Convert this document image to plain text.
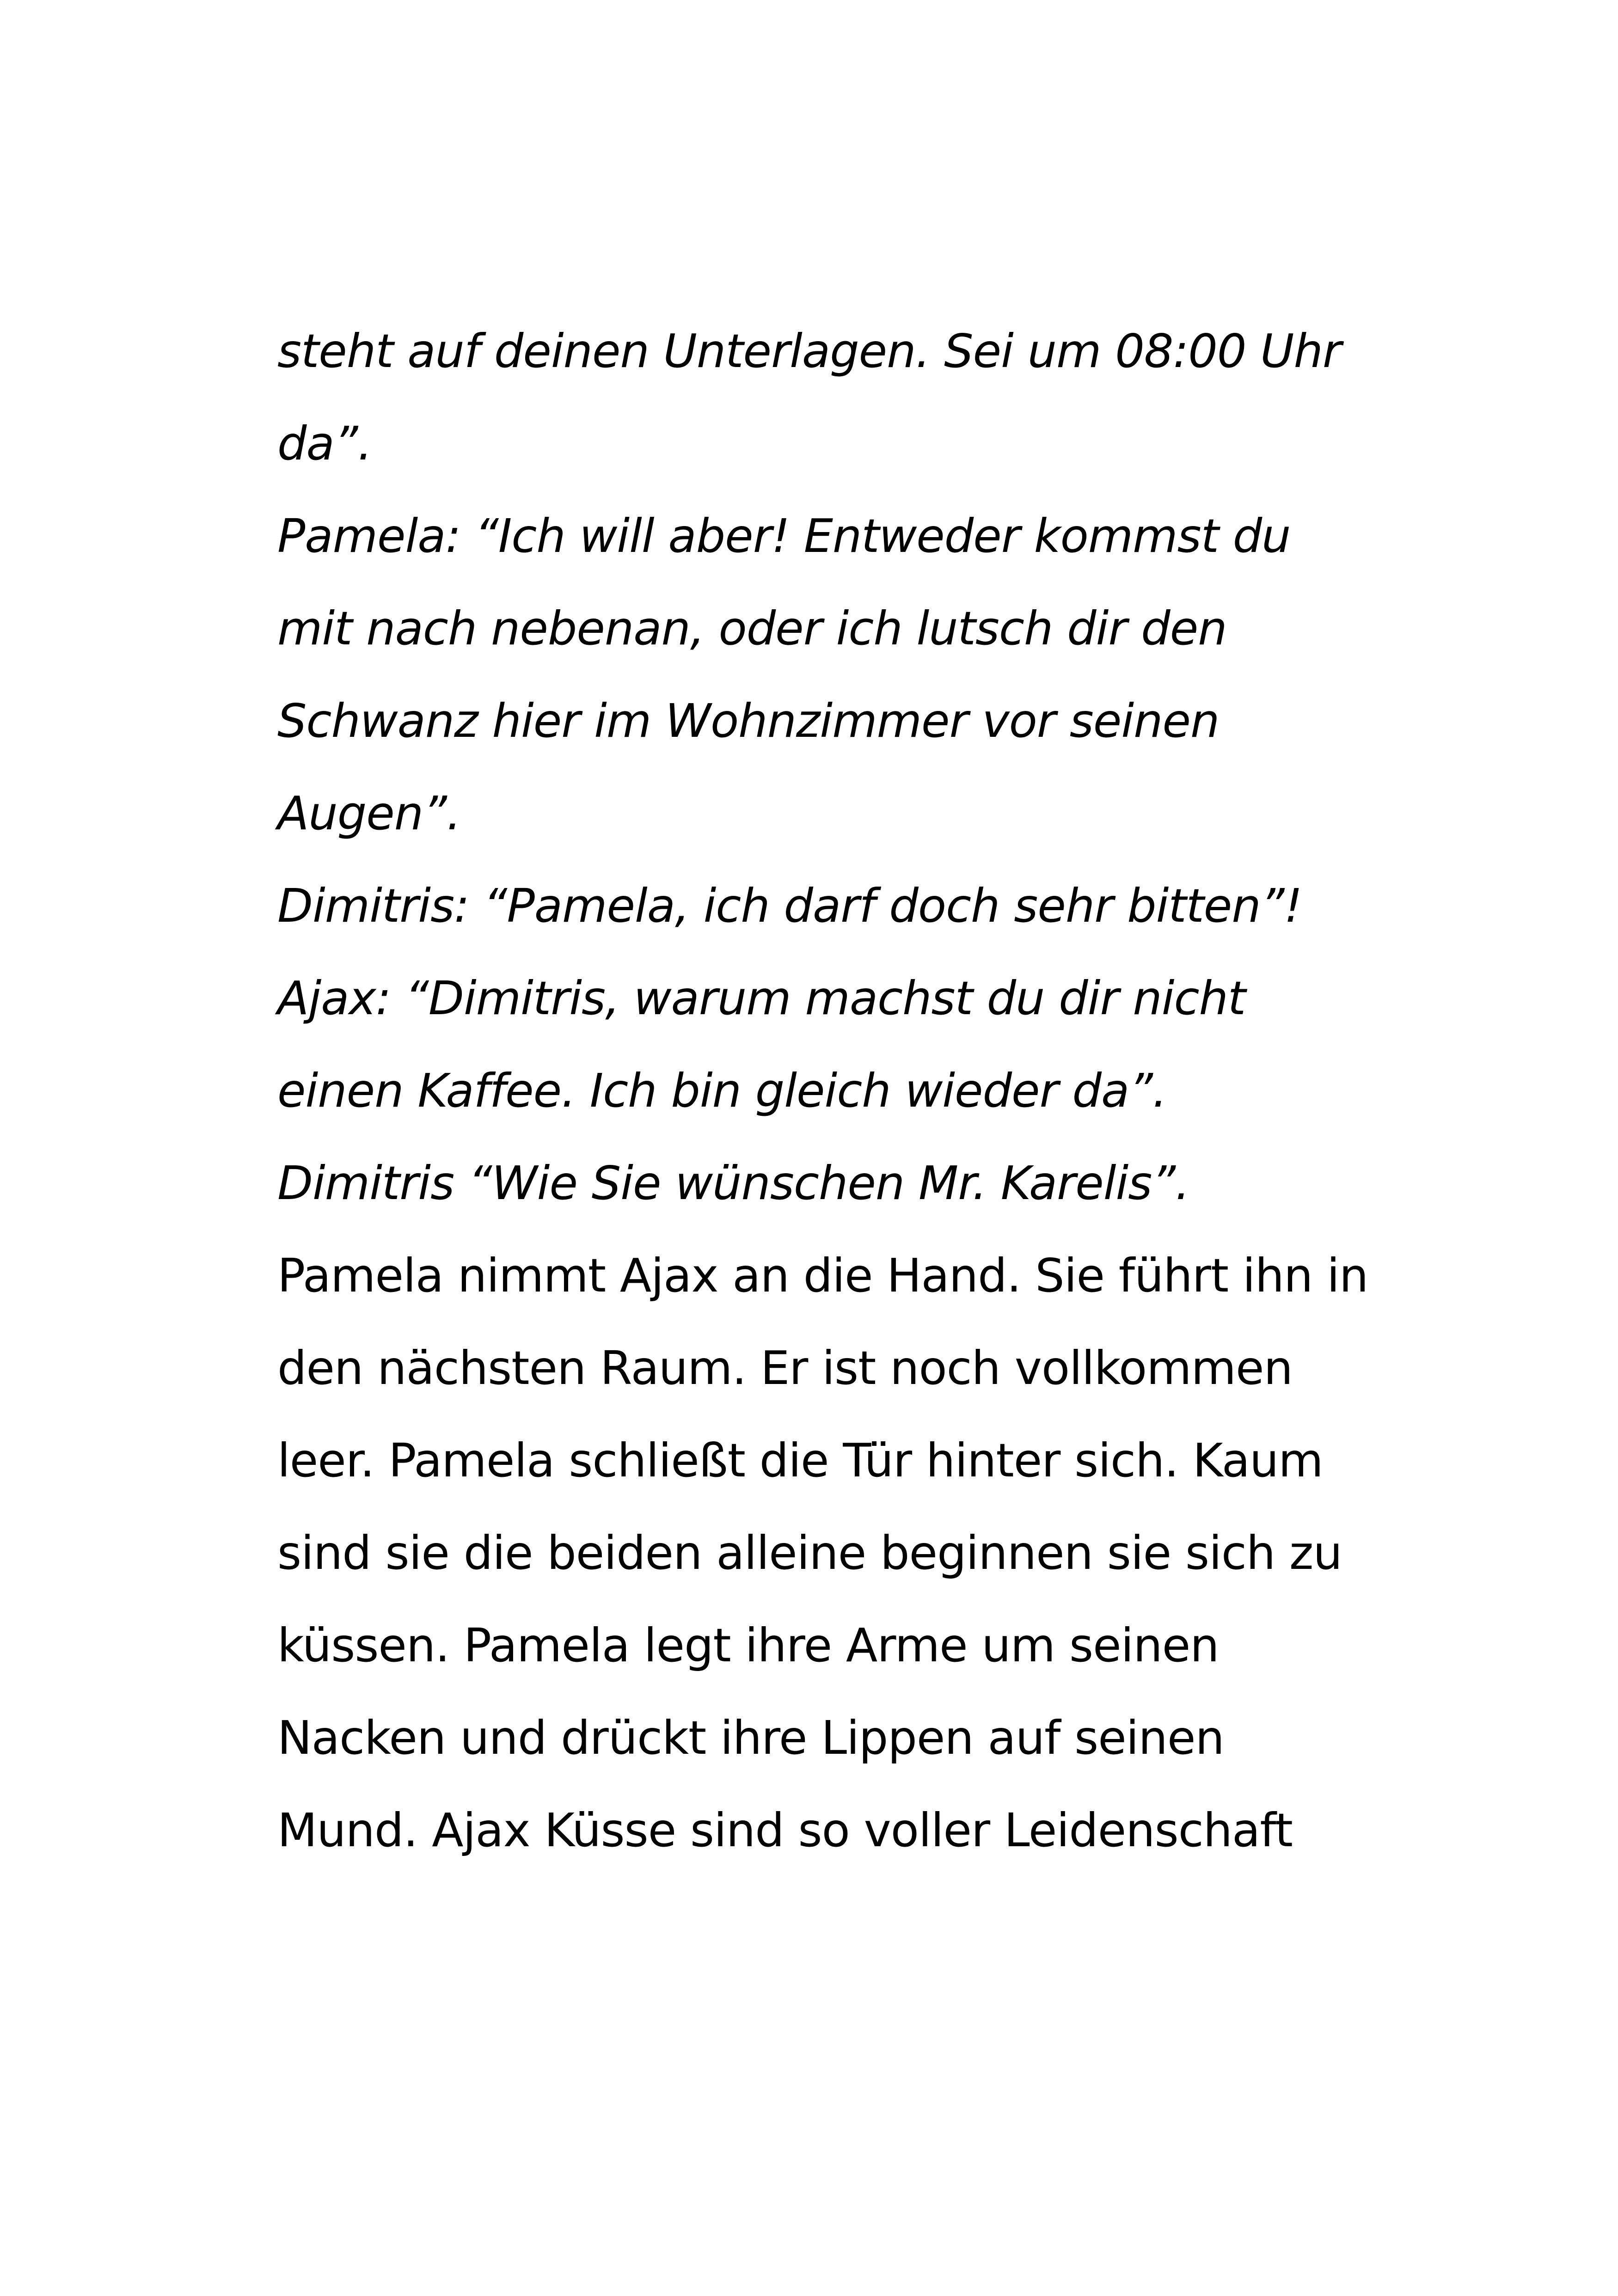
steht auf deinen Unterlagen. Sei um 08:00 Uhr
da”.
Pamela: “Ich will aber! Entweder kommst du
mit nach nebenan, oder ich lutsch dir den
Schwanz hier im Wohnzimmer vor seinen
Augen”.
Dimitris: “Pamela, ich darf doch sehr bitten”!
Ajax: “Dimitris, warum machst du dir nicht
einen Kaffee. Ich bin gleich wieder da”.
Dimitris “Wie Sie wünschen Mr. Karelis”.
Pamela nimmt Ajax an die Hand. Sie führt ihn in
den nächsten Raum. Er ist noch vollkommen
leer. Pamela schließt die Tür hinter sich. Kaum
sind sie die beiden alleine beginnen sie sich zu
küssen. Pamela legt ihre Arme um seinen
Nacken und drückt ihre Lippen auf seinen
Mund. Ajax Küsse sind so voller Leidenschaft
